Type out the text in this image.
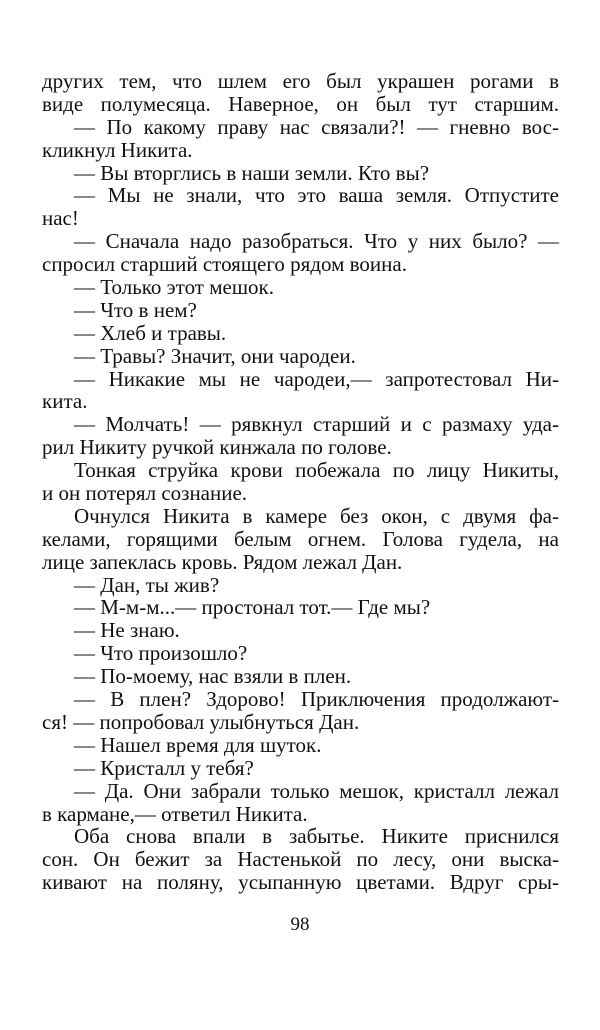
других тем, что шлем его был украшен рогами в
виде полумесяца. Наверное, он был тут старшим.
— По какому праву нас связали?! — гневно вос-
кликнул Никита.
— Вы вторглись в наши земли. Кто вы?
— Мы не знали, что это ваша земля. Отпустите
нас!
— Сначала надо разобраться. Что у них было? —
спросил старший стоящего рядом воина.
— Только этот мешок.
— Что в нем?
— Хлеб и травы.
— Травы? Значит, они чародеи.
— Никакие мы не чародеи,— запротестовал Ни-
кита.
— Молчать! — рявкнул старший и с размаху уда-
рил Никиту ручкой кинжала по голове.
Тонкая струйка крови побежала по лицу Никиты,
и он потерял сознание.
Очнулся Никита в камере без окон, с двумя фа-
келами, горящими белым огнем. Голова гудела, на
лице запеклась кровь. Рядом лежал Дан.
— Дан, ты жив?
— М-м-м...— простонал тот.— Где мы?
— Не знаю.
— Что произошло?
— По-моему, нас взяли в плен.
— В плен? Здорово! Приключения продолжают-
ся! — попробовал улыбнуться Дан.
— Нашел время для шуток.
— Кристалл у тебя?
— Да. Они забрали только мешок, кристалл лежал
в кармане,— ответил Никита.
Оба снова впали в забытье. Никите приснился
сон. Он бежит за Настенькой по лесу, они выска-
кивают на поляну, усыпанную цветами. Вдруг сры-
98
